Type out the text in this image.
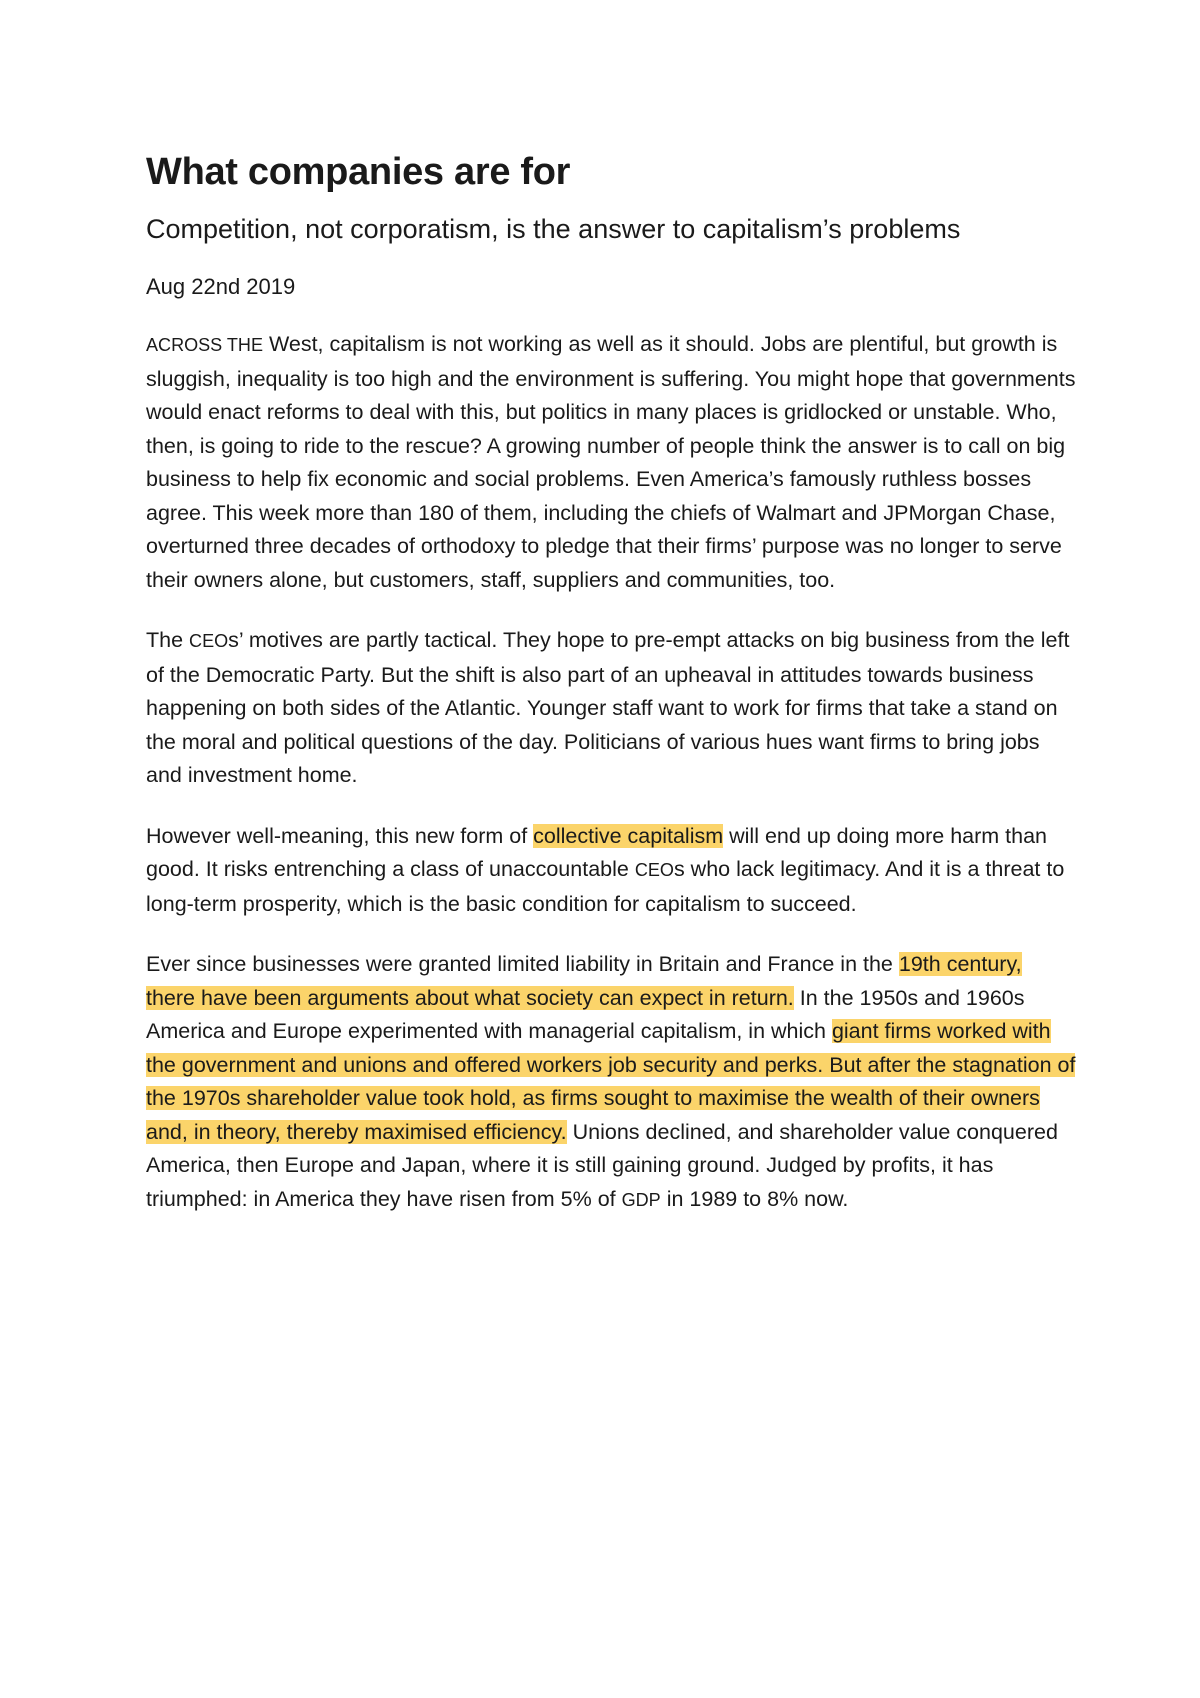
What companies are for
Competition, not corporatism, is the answer to capitalism’s problems
Aug 22nd 2019

ACROSS THE West, capitalism is not working as well as it should. Jobs are plentiful, but growth is sluggish, inequality is too high and the environment is suffering. You might hope that governments would enact reforms to deal with this, but politics in many places is gridlocked or unstable. Who, then, is going to ride to the rescue? A growing number of people think the answer is to call on big business to help fix economic and social problems. Even America’s famously ruthless bosses agree. This week more than 180 of them, including the chiefs of Walmart and JPMorgan Chase, overturned three decades of orthodoxy to pledge that their firms’ purpose was no longer to serve their owners alone, but customers, staff, suppliers and communities, too.

The CEOs’ motives are partly tactical. They hope to pre-empt attacks on big business from the left of the Democratic Party. But the shift is also part of an upheaval in attitudes towards business happening on both sides of the Atlantic. Younger staff want to work for firms that take a stand on the moral and political questions of the day. Politicians of various hues want firms to bring jobs and investment home.

However well-meaning, this new form of collective capitalism will end up doing more harm than good. It risks entrenching a class of unaccountable CEOs who lack legitimacy. And it is a threat to long-term prosperity, which is the basic condition for capitalism to succeed.

Ever since businesses were granted limited liability in Britain and France in the 19th century, there have been arguments about what society can expect in return. In the 1950s and 1960s America and Europe experimented with managerial capitalism, in which giant firms worked with the government and unions and offered workers job security and perks. But after the stagnation of the 1970s shareholder value took hold, as firms sought to maximise the wealth of their owners and, in theory, thereby maximised efficiency. Unions declined, and shareholder value conquered America, then Europe and Japan, where it is still gaining ground. Judged by profits, it has triumphed: in America they have risen from 5% of GDP in 1989 to 8% now.
